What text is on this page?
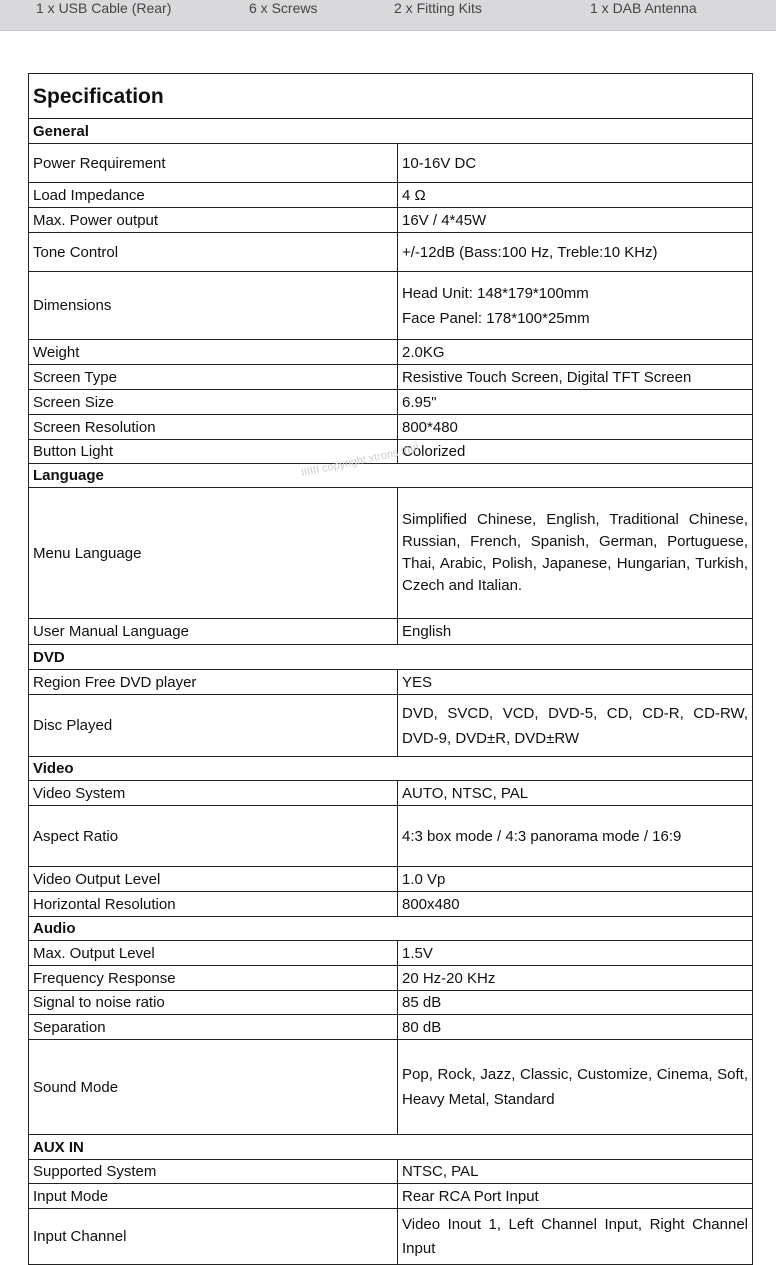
1 x USB Cable (Rear)	6 x Screws	2 x Fitting Kits	1 x DAB Antenna
Specification	
General	
Power Requirement	10-16V DC
Load Impedance	4 Ω
Max. Power output	16V / 4*45W
Tone Control	+/-12dB (Bass:100 Hz, Treble:10 KHz)
Dimensions	Head Unit: 148*179*100mm
Face Panel: 178*100*25mm

Weight	2.0KG
Screen Type	Resistive Touch Screen, Digital TFT Screen
Screen Size	6.95"
Screen Resolution	800*480
Button Light	Colorized
Language	
Menu Language	Simplified Chinese, English, Traditional Chinese, Russian, French, Spanish, German, Portuguese, Thai, Arabic, Polish, Japanese, Hungarian, Turkish, Czech and Italian.
User Manual Language	English
DVD	
Region Free DVD player	YES
Disc Played	DVD, SVCD, VCD, DVD-5, CD, CD-R, CD-RW, DVD-9, DVD±R, DVD±RW
Video	
Video System	AUTO, NTSC, PAL
Aspect Ratio	4:3 box mode / 4:3 panorama mode / 16:9
Video Output Level	1.0 Vp
Horizontal Resolution	800x480
Audio	
Max. Output Level	1.5V
Frequency Response	20 Hz-20 KHz
Signal to noise ratio	85 dB
Separation	80 dB
Sound Mode	Pop, Rock, Jazz, Classic, Customize, Cinema, Soft, Heavy Metal, Standard
AUX IN	
Supported System	NTSC, PAL
Input Mode	Rear RCA Port Input
Input Channel	Video Inout 1, Left Channel Input, Right Channel Input
IIIIII copyright xtrons IIIIII
